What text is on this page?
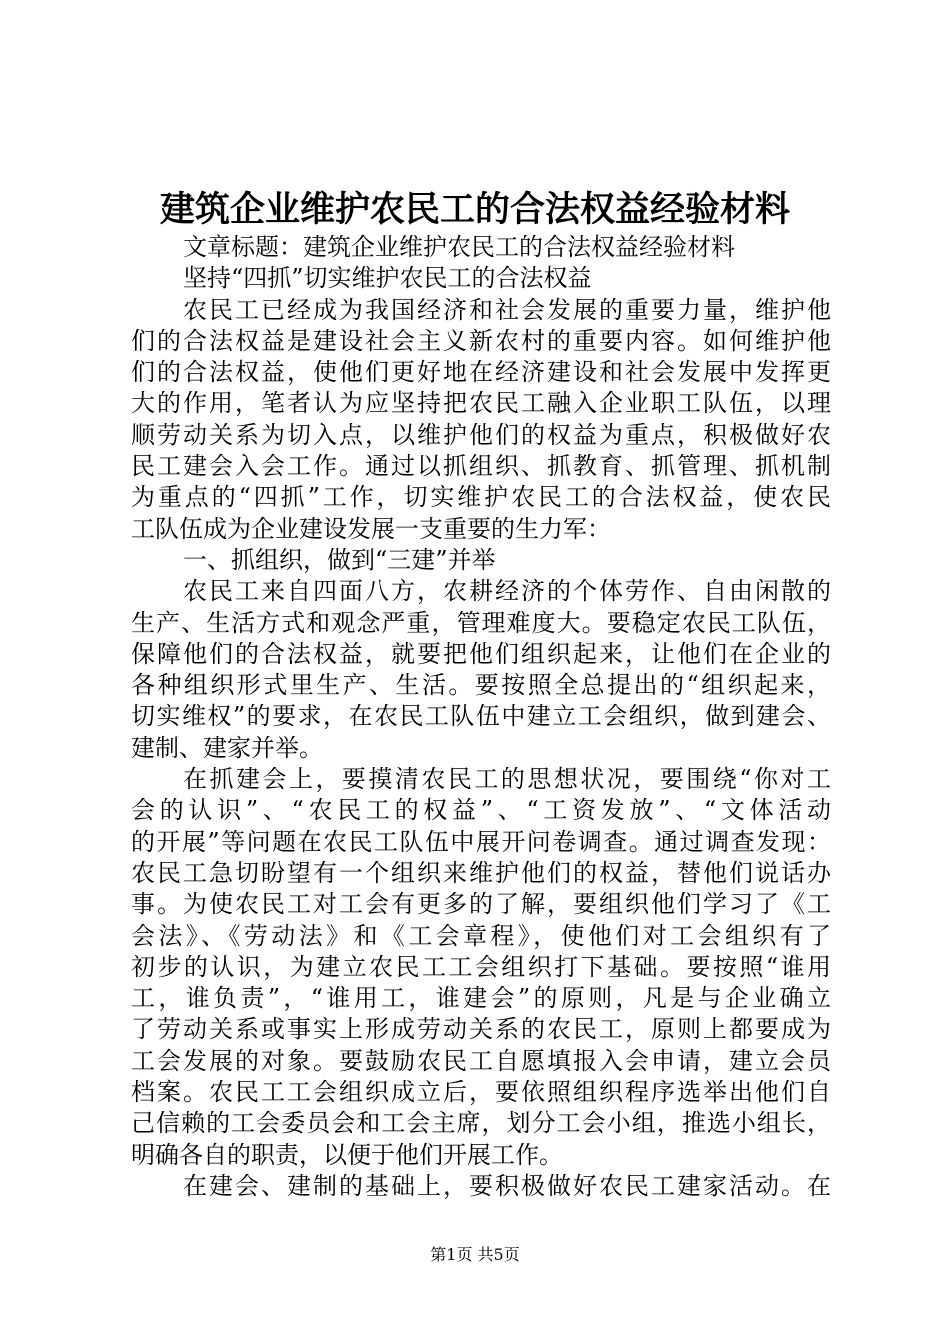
建筑企业维护农民工的合法权益经验材料
文章标题：建筑企业维护农民工的合法权益经验材料
坚持“四抓”切实维护农民工的合法权益
农民工已经成为我国经济和社会发展的重要力量，维护他
们的合法权益是建设社会主义新农村的重要内容。如何维护他
们的合法权益，使他们更好地在经济建设和社会发展中发挥更
大的作用，笔者认为应坚持把农民工融入企业职工队伍，以理
顺劳动关系为切入点，以维护他们的权益为重点，积极做好农
民工建会入会工作。通过以抓组织、抓教育、抓管理、抓机制
为重点的“四抓”工作，切实维护农民工的合法权益，使农民
工队伍成为企业建设发展一支重要的生力军：
一、抓组织，做到“三建”并举
农民工来自四面八方，农耕经济的个体劳作、自由闲散的
生产、生活方式和观念严重，管理难度大。要稳定农民工队伍，
保障他们的合法权益，就要把他们组织起来，让他们在企业的
各种组织形式里生产、生活。要按照全总提出的“组织起来，
切实维权”的要求，在农民工队伍中建立工会组织，做到建会、
建制、建家并举。
在抓建会上，要摸清农民工的思想状况，要围绕“你对工
会的认识”、“农民工的权益”、“工资发放”、“文体活动
的开展”等问题在农民工队伍中展开问卷调查。通过调查发现：
农民工急切盼望有一个组织来维护他们的权益，替他们说话办
事。为使农民工对工会有更多的了解，要组织他们学习了《工
会法》、《劳动法》和《工会章程》，使他们对工会组织有了
初步的认识，为建立农民工工会组织打下基础。要按照“谁用
工，谁负责”，“谁用工，谁建会”的原则，凡是与企业确立
了劳动关系或事实上形成劳动关系的农民工，原则上都要成为
工会发展的对象。要鼓励农民工自愿填报入会申请，建立会员
档案。农民工工会组织成立后，要依照组织程序选举出他们自
己信赖的工会委员会和工会主席，划分工会小组，推选小组长，
明确各自的职责，以便于他们开展工作。
在建会、建制的基础上，要积极做好农民工建家活动。在
第1页 共5页
